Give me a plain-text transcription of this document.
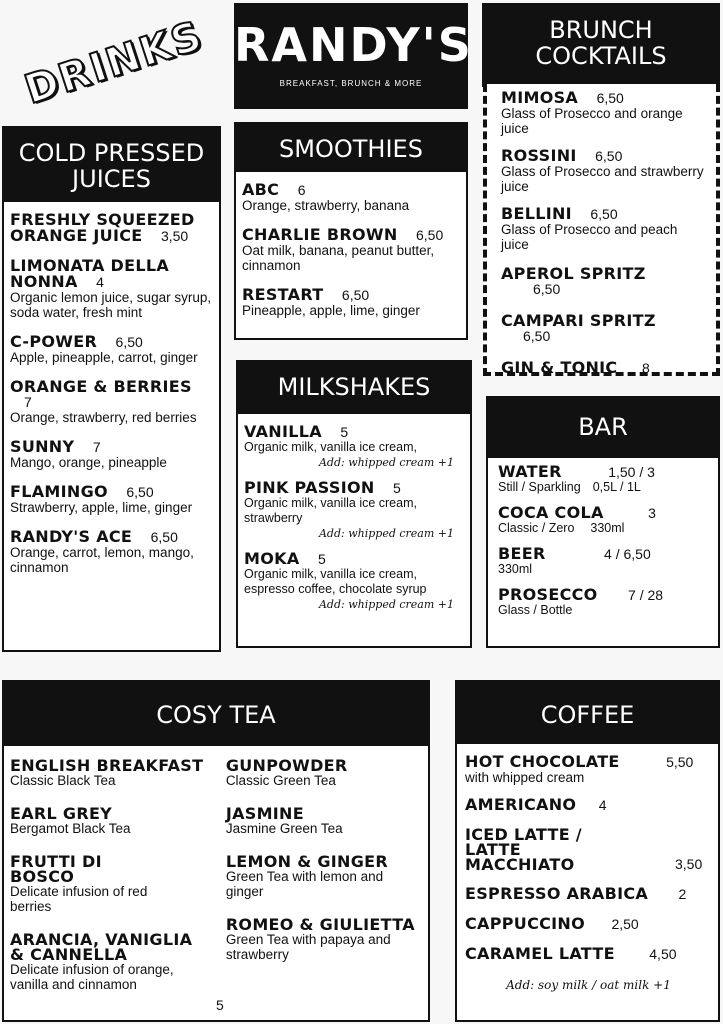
DRINKS RANDY'S
BREAKFAST, BRUNCH & MORE
COLD PRESSED JUICES
FRESHLY SQUEEZED ORANGE JUICE 3,50
LIMONATA DELLA NONNA 4
Organic lemon juice, sugar syrup, soda water, fresh mint
C-POWER 6,50
Apple, pineapple, carrot, ginger
ORANGE & BERRIES 7
Orange, strawberry, red berries
SUNNY 7
Mango, orange, pineapple
FLAMINGO 6,50
Strawberry, apple, lime, ginger
RANDY'S ACE 6,50
Orange, carrot, lemon, mango, cinnamon
SMOOTHIES
ABC 6
Orange, strawberry, banana
CHARLIE BROWN 6,50
Oat milk, banana, peanut butter, cinnamon
RESTART 6,50
Pineapple, apple, lime, ginger
MILKSHAKES
VANILLA 5
Organic milk, vanilla ice cream,
Add: whipped cream +1
PINK PASSION 5
Organic milk, vanilla ice cream, strawberry
Add: whipped cream +1
MOKA 5
Organic milk, vanilla ice cream, espresso coffee, chocolate syrup
Add: whipped cream +1
BRUNCH COCKTAILS
MIMOSA 6,50
Glass of Prosecco and orange juice
ROSSINI 6,50
Glass of Prosecco and strawberry juice
BELLINI 6,50
Glass of Prosecco and peach juice
APEROL SPRITZ 6,50
CAMPARI SPRITZ 6,50
GIN & TONIC 8
BAR
WATER	1,50 / 3
Still / Sparkling 0,5L / 1L
COCA COLA	3
Classic / Zero 330ml
BEER	4 / 6,50
330ml
PROSECCO 7 / 28
Glass / Bottle
COSY TEA
ENGLISH BREAKFAST
Classic Black Tea
EARL GREY
Bergamot Black Tea
FRUTTI DI BOSCO
Delicate infusion of red berries
ARANCIA, VANIGLIA & CANNELLA
Delicate infusion of orange, vanilla and cinnamon
GUNPOWDER
Classic Green Tea
JASMINE
Jasmine Green Tea
LEMON & GINGER
Green Tea with lemon and ginger
ROMEO & GIULIETTA
Green Tea with papaya and strawberry
5
COFFEE
HOT CHOCOLATE	5,50
with whipped cream
AMERICANO 4
ICED LATTE / LATTE MACCHIATO	3,50
ESPRESSO ARABICA 2
CAPPUCCINO 2,50
CARAMEL LATTE 4,50
Add: soy milk / oat milk +1
